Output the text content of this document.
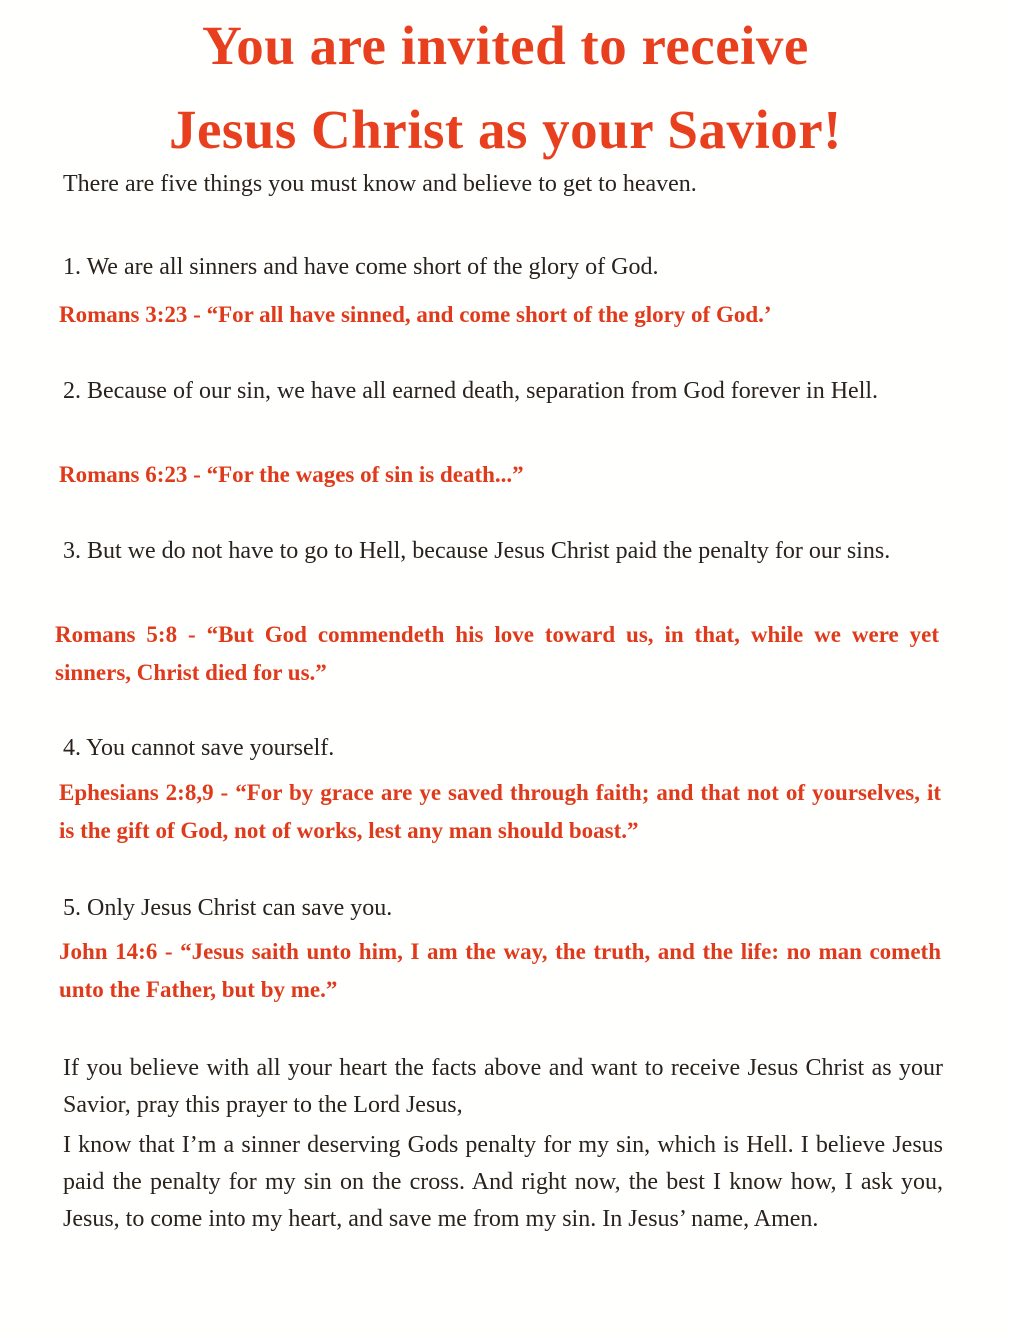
You are invited to receive
Jesus Christ as your Savior!

There are five things you must know and believe to get to heaven.

1. We are all sinners and have come short of the glory of God.

Romans 3:23 - “For all have sinned, and come short of the glory of God.’

2. Because of our sin, we have all earned death, separation from God forever in Hell.

Romans 6:23 - “For the wages of sin is death...”

3. But we do not have to go to Hell, because Jesus Christ paid the penalty for our sins.

Romans 5:8 - “But God commendeth his love toward us, in that, while we were yet sinners, Christ died for us.”

4. You cannot save yourself.

Ephesians 2:8,9 - “For by grace are ye saved through faith; and that not of yourselves, it is the gift of God, not of works, lest any man should boast.”

5. Only Jesus Christ can save you.

John 14:6 - “Jesus saith unto him, I am the way, the truth, and the life: no man cometh unto the Father, but by me.”

If you believe with all your heart the facts above and want to receive Jesus Christ as your Savior, pray this prayer to the Lord Jesus,

I know that I’m a sinner deserving Gods penalty for my sin, which is Hell. I believe Jesus paid the penalty for my sin on the cross. And right now, the best I know how, I ask you, Jesus, to come into my heart, and save me from my sin. In Jesus’ name, Amen.
